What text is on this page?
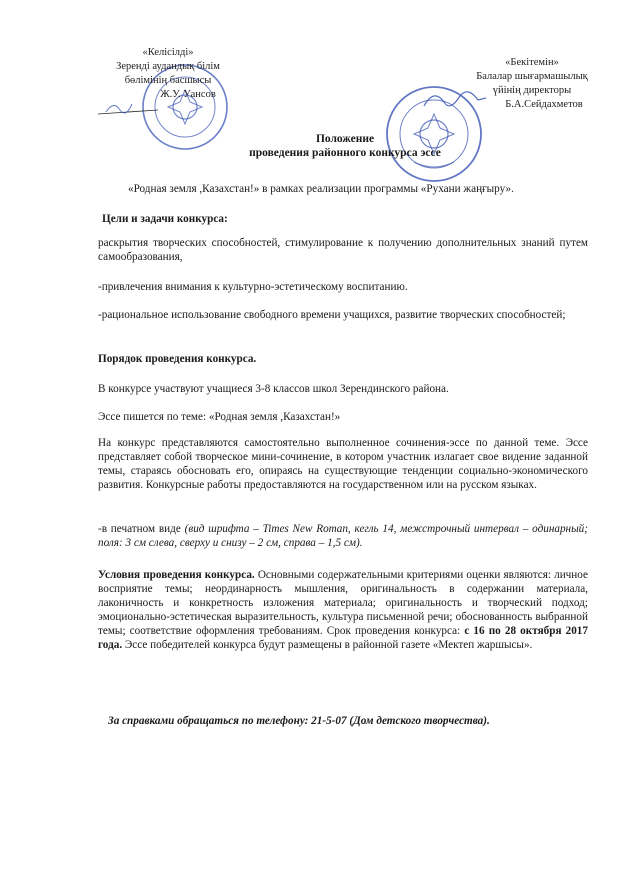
«Келісілді»
Зеренді аудандық білім
бөлімінің басшысы
Ж.У. Уансов
«Бекітемін»
Балалар шығармашылық
үйінің директоры
Б.А.Сейдахметов
Положение
проведения районного конкурса эссе
«Родная земля ,Казахстан!» в рамках реализации программы «Рухани жаңғыру».
Цели и задачи конкурса:
раскрытия творческих способностей, стимулирование к получению дополнительных знаний путем самообразования,
-привлечения внимания к культурно-эстетическому воспитанию.
-рациональное использование свободного времени учащихся, развитие творческих способностей;
Порядок проведения конкурса.
В конкурсе участвуют учащиеся 3-8 классов школ Зерендинского района.
Эссе пишется по теме: «Родная земля ,Казахстан!»
На конкурс представляются самостоятельно выполненное сочинения-эссе по данной теме. Эссе представляет собой творческое мини-сочинение, в котором участник излагает свое видение заданной темы, стараясь обосновать его, опираясь на существующие тенденции социально-экономического развития. Конкурсные работы предоставляются на государственном или на русском языках.
-в печатном виде (вид шрифта – Times New Roman, кегль 14, межстрочный интервал – одинарный; поля: 3 см слева, сверху и снизу – 2 см, справа – 1,5 см).
Условия проведения конкурса. Основными содержательными критериями оценки являются: личное восприятие темы; неординарность мышления, оригинальность в содержании материала, лаконичность и конкретность изложения материала; оригинальность и творческий подход; эмоционально-эстетическая выразительность, культура письменной речи; обоснованность выбранной темы; соответствие оформления требованиям. Срок проведения конкурса: с 16 по 28 октября 2017 года. Эссе победителей конкурса будут размещены в районной газете «Мектеп жаршысы».
За справками обращаться по телефону: 21-5-07 (Дом детского творчества).
